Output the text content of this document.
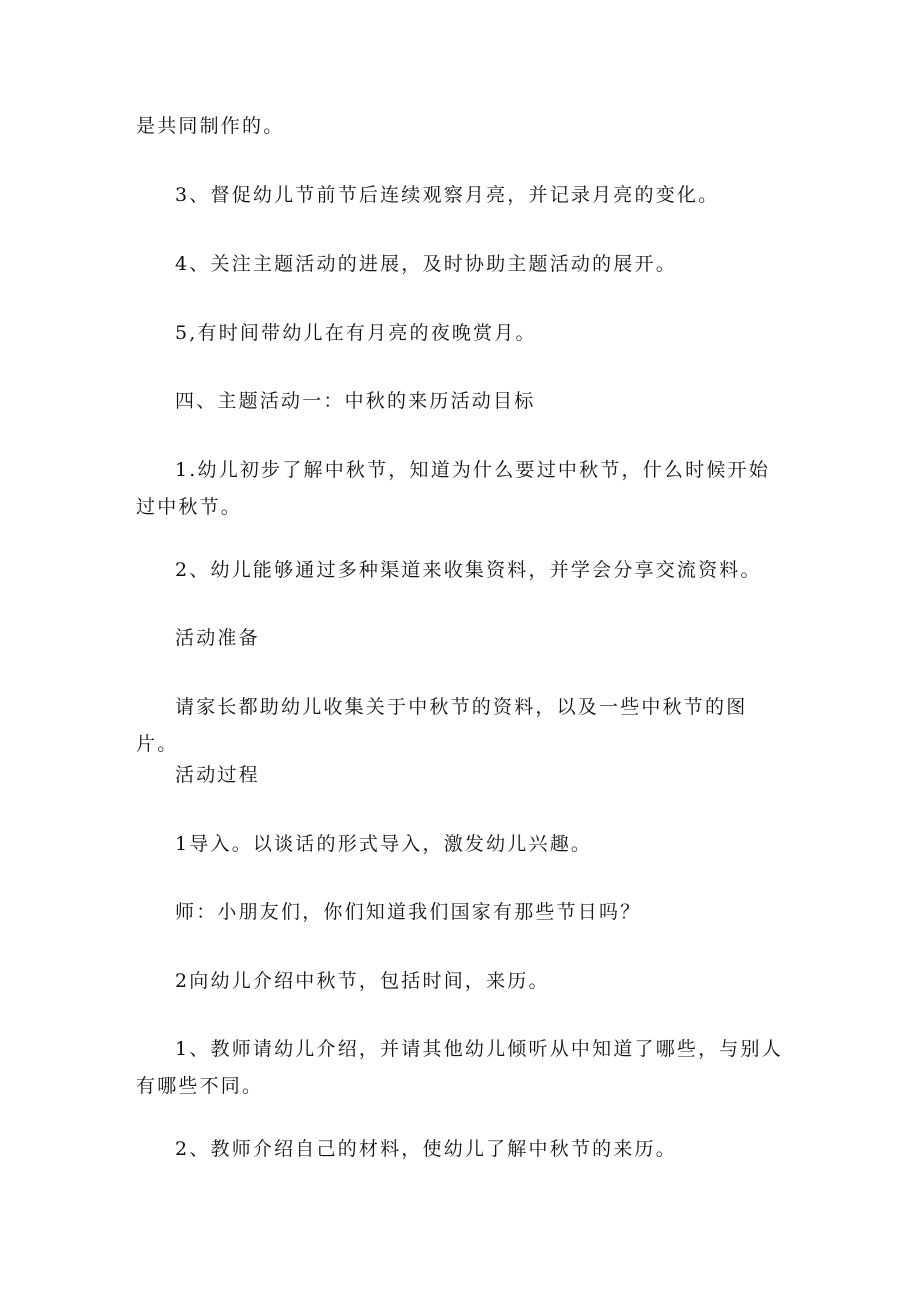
是共同制作的。

3、督促幼儿节前节后连续观察月亮，并记录月亮的变化。

4、关注主题活动的进展，及时协助主题活动的展开。

5,有时间带幼儿在有月亮的夜晚赏月。

四、主题活动一：中秋的来历活动目标

1.幼儿初步了解中秋节，知道为什么要过中秋节，什么时候开始过中秋节。

2、幼儿能够通过多种渠道来收集资料，并学会分享交流资料。

活动准备

请家长都助幼儿收集关于中秋节的资料，以及一些中秋节的图片。

活动过程

1导入。以谈话的形式导入，激发幼儿兴趣。

师：小朋友们，你们知道我们国家有那些节日吗？

2向幼儿介绍中秋节，包括时间，来历。

1、教师请幼儿介绍，并请其他幼儿倾听从中知道了哪些，与别人有哪些不同。

2、教师介绍自己的材料，使幼儿了解中秋节的来历。
